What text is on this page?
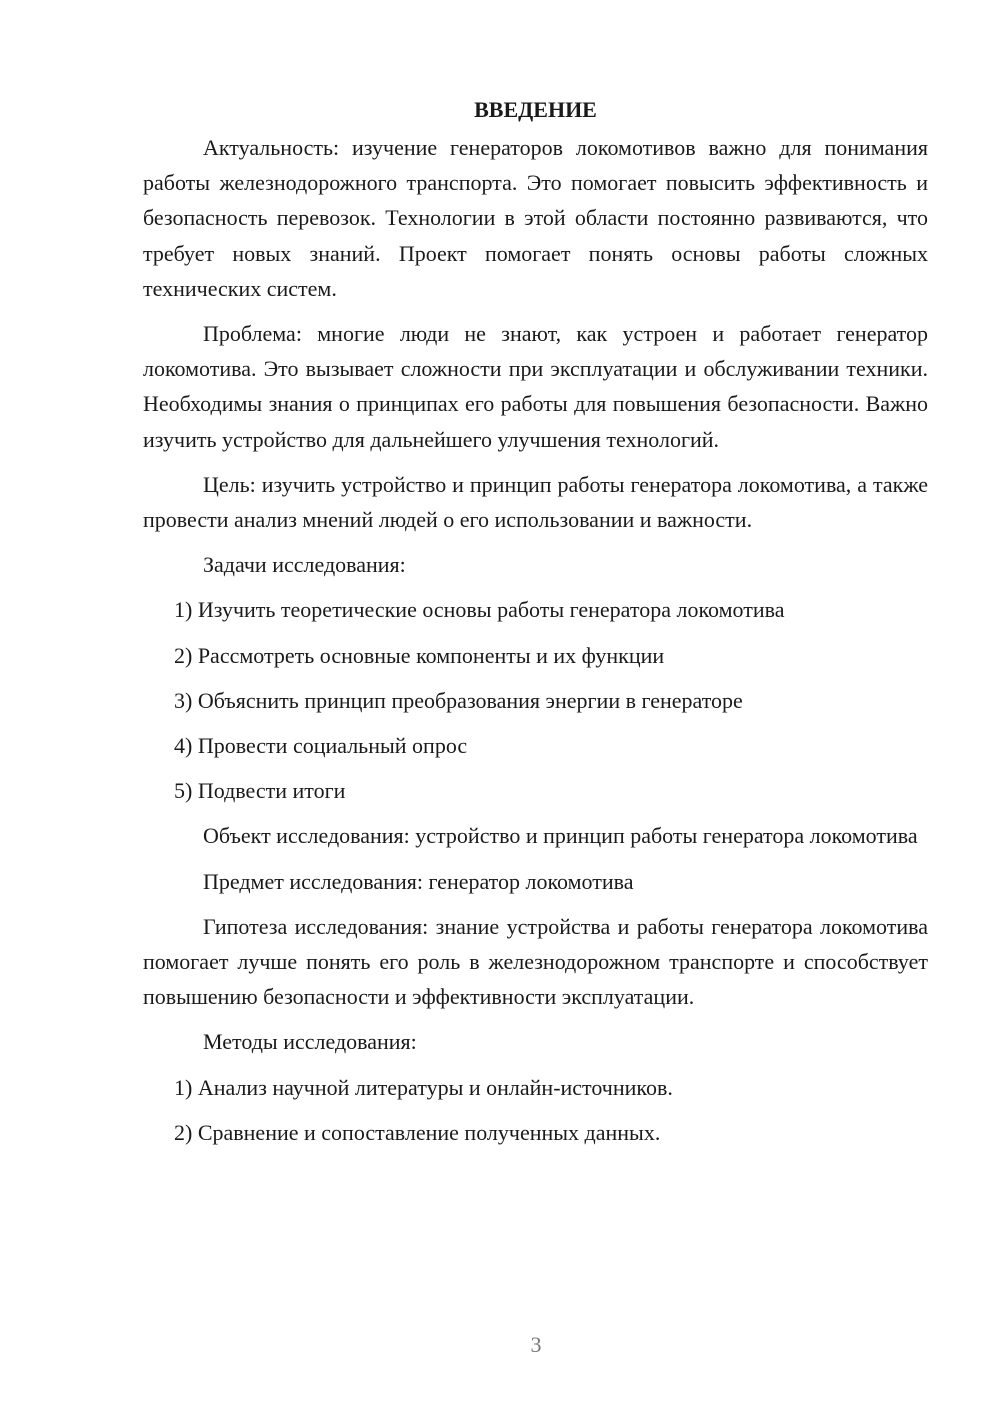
ВВЕДЕНИЕ

Актуальность: изучение генераторов локомотивов важно для понимания работы железнодорожного транспорта. Это помогает повысить эффективность и безопасность перевозок. Технологии в этой области постоянно развиваются, что требует новых знаний. Проект помогает понять основы работы сложных технических систем.

Проблема: многие люди не знают, как устроен и работает генератор локомотива. Это вызывает сложности при эксплуатации и обслуживании техники. Необходимы знания о принципах его работы для повышения безопасности. Важно изучить устройство для дальнейшего улучшения технологий.

Цель: изучить устройство и принцип работы генератора локомотива, а также провести анализ мнений людей о его использовании и важности.

Задачи исследования:

1) Изучить теоретические основы работы генератора локомотива

2) Рассмотреть основные компоненты и их функции

3) Объяснить принцип преобразования энергии в генераторе

4) Провести социальный опрос

5) Подвести итоги

Объект исследования: устройство и принцип работы генератора локомотива

Предмет исследования: генератор локомотива

Гипотеза исследования: знание устройства и работы генератора локомотива помогает лучше понять его роль в железнодорожном транспорте и способствует повышению безопасности и эффективности эксплуатации.

Методы исследования:

1) Анализ научной литературы и онлайн-источников.

2) Сравнение и сопоставление полученных данных.

3
